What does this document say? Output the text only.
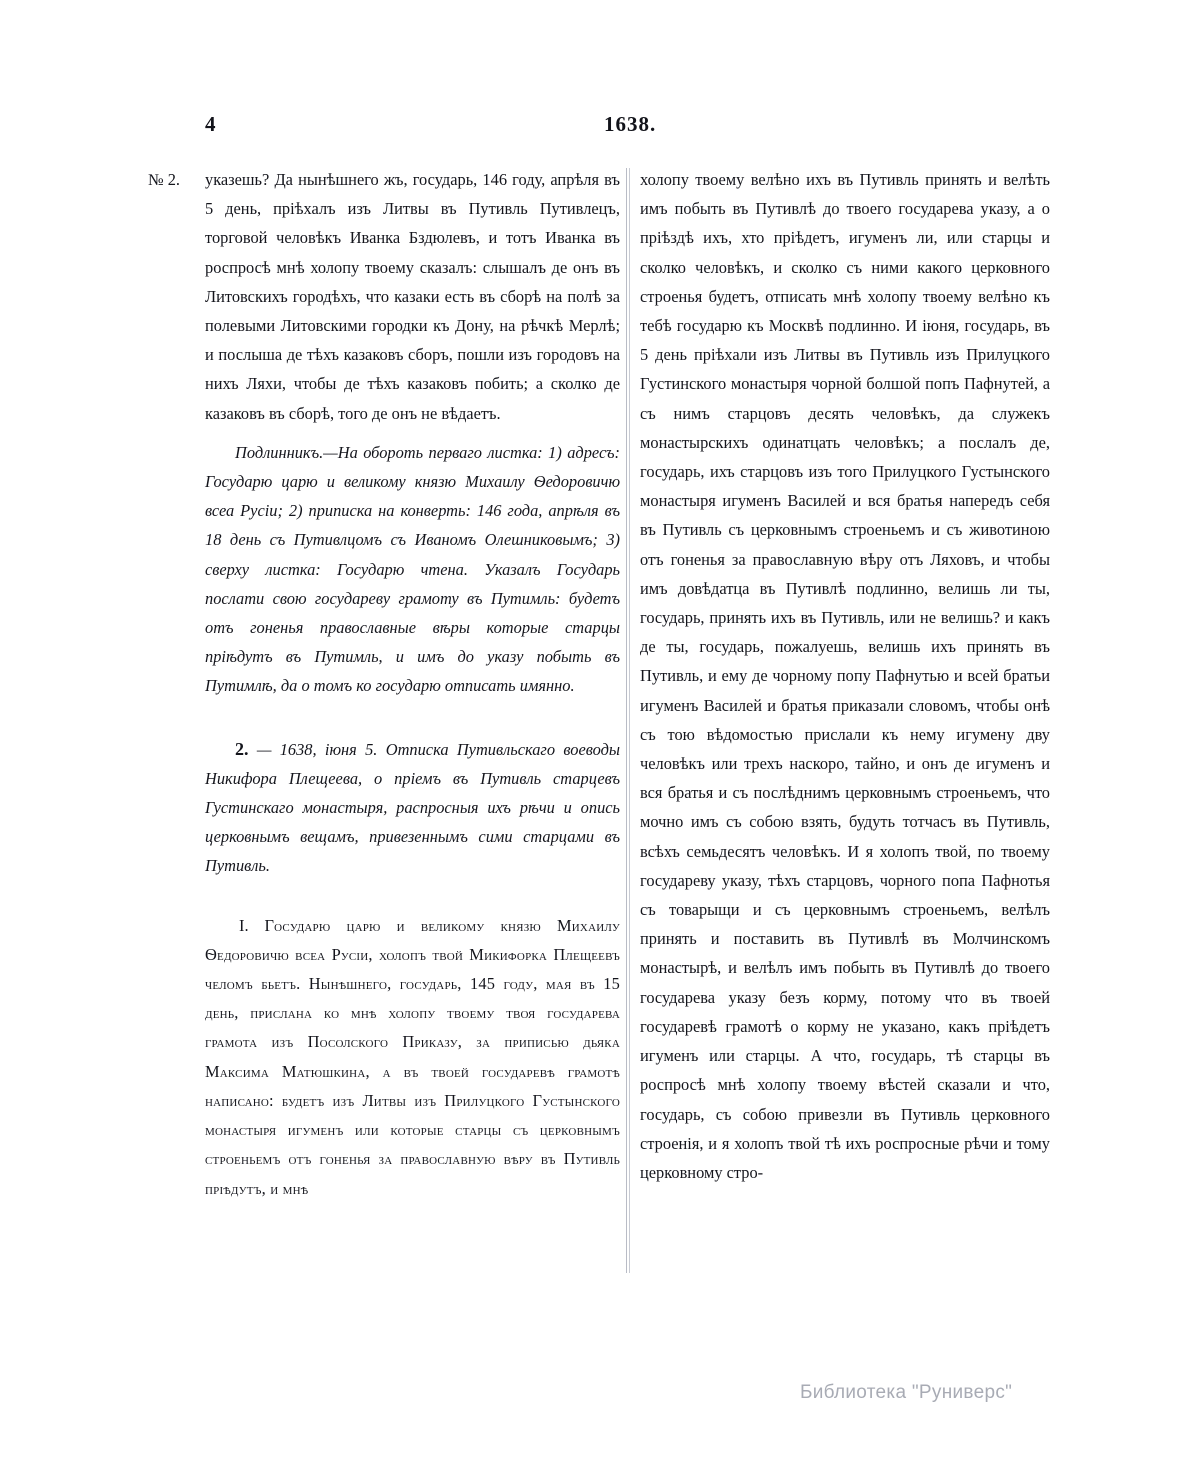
4	1638.
№ 2. указешь? Да нынѣшнего жъ, государь, 146 году, апрѣля въ 5 день, пріѣхалъ изъ Литвы въ Путивль Путивлецъ, торговой человѣкъ Иванка Бздюлевъ, и тотъ Иванка въ роспросѣ мнѣ холопу твоему сказалъ: слышалъ де онъ въ Литовскихъ городѣхъ, что казаки есть въ сборѣ на полѣ за полевыми Литовскими городки къ Дону, на рѣчкѣ Мерлѣ; и послыша де тѣхъ казаковъ сборъ, пошли изъ городовъ на нихъ Ляхи, чтобы де тѣхъ казаковъ побить; а сколко де казаковъ въ сборѣ, того де онъ не вѣдаетъ.

Подлинникъ.—На обороть перваго листка: 1) адресъ: Государю царю и великому князю Михаилу Ѳедоровичю всеа Русіи; 2) приписка на конверть: 146 года, апрѣля въ 18 день съ Путивлцомъ съ Иваномъ Олешниковымъ; 3) сверху листка: Государю чтена. Указалъ Государь послати свою государеву грамоту въ Путимль: будетъ отъ гоненья православные вѣры которые старцы пріѣдутъ въ Путимль, и имъ до указу побыть въ Путимлѣ, да о томъ ко государю отписать имянно.

2. — 1638, іюня 5. Отписка Путивльскаго воеводы Никифора Плещеева, о пріемъ въ Путивль старцевъ Густинскаго монастыря, распросныя ихъ рѣчи и опись церковнымъ вещамъ, привезеннымъ сими старцами въ Путивль.

I. Государю царю и великому князю Михаилу Ѳедоровичю всеа Русіи, холопъ твой Микифорка Плещеевъ челомъ бьетъ. Нынѣшнего, государь, 145 году, мая въ 15 день, прислана ко мнѣ холопу твоему твоя государева грамота изъ Посолского Приказу, за приписью дьяка Максима Матюшкина, а въ твоей государевѣ грамотѣ написано: будетъ изъ Литвы изъ Прилуцкого Густынского монастыря игуменъ или которые старцы съ церковнымъ строеньемъ отъ гоненья за православную вѣру въ Путивль пріѣдутъ, и мнѣ

холопу твоему велѣно ихъ въ Путивль принять и велѣть имъ побыть въ Путивлѣ до твоего государева указу, а о пріѣздѣ ихъ, хто пріѣдетъ, игуменъ ли, или старцы и сколко человѣкъ, и сколко съ ними какого церковного строенья будетъ, отписать мнѣ холопу твоему велѣно къ тебѣ государю къ Москвѣ подлинно. И іюня, государь, въ 5 день пріѣхали изъ Литвы въ Путивль изъ Прилуцкого Густинского монастыря чорной болшой попъ Пафнутей, а съ нимъ старцовъ десять человѣкъ, да служекъ монастырскихъ одинатцать человѣкъ; а послалъ де, государь, ихъ старцовъ изъ того Прилуцкого Густынского монастыря игуменъ Василей и вся братья напередъ себя въ Путивль съ церковнымъ строеньемъ и съ животиною отъ гоненья за православную вѣру отъ Ляховъ, и чтобы имъ довѣдатца въ Путивлѣ подлинно, велишь ли ты, государь, принять ихъ въ Путивль, или не велишь? и какъ де ты, государь, пожалуешь, велишь ихъ принять въ Путивль, и ему де чорному попу Пафнутью и всей братьи игуменъ Василей и братья приказали словомъ, чтобы онѣ съ тою вѣдомостью прислали къ нему игумену дву человѣкъ или трехъ наскоро, тайно, и онъ де игуменъ и вся братья и съ послѣднимъ церковнымъ строеньемъ, что мочно имъ съ собою взять, будуть тотчасъ въ Путивль, всѣхъ семьдесятъ человѣкъ. И я холопъ твой, по твоему государеву указу, тѣхъ старцовъ, чорного попа Пафнотья съ товарыщи и съ церковнымъ строеньемъ, велѣлъ принять и поставить въ Путивлѣ въ Молчинскомъ монастырѣ, и велѣлъ имъ побыть въ Путивлѣ до твоего государева указу безъ корму, потому что въ твоей государевѣ грамотѣ о корму не указано, какъ пріѣдетъ игуменъ или старцы. А что, государь, тѣ старцы въ роспросѣ мнѣ холопу твоему вѣстей сказали и что, государь, съ собою привезли въ Путивль церковного строенія, и я холопъ твой тѣ ихъ роспросные рѣчи и тому церковному стро-

Библиотека "Руниверс"
